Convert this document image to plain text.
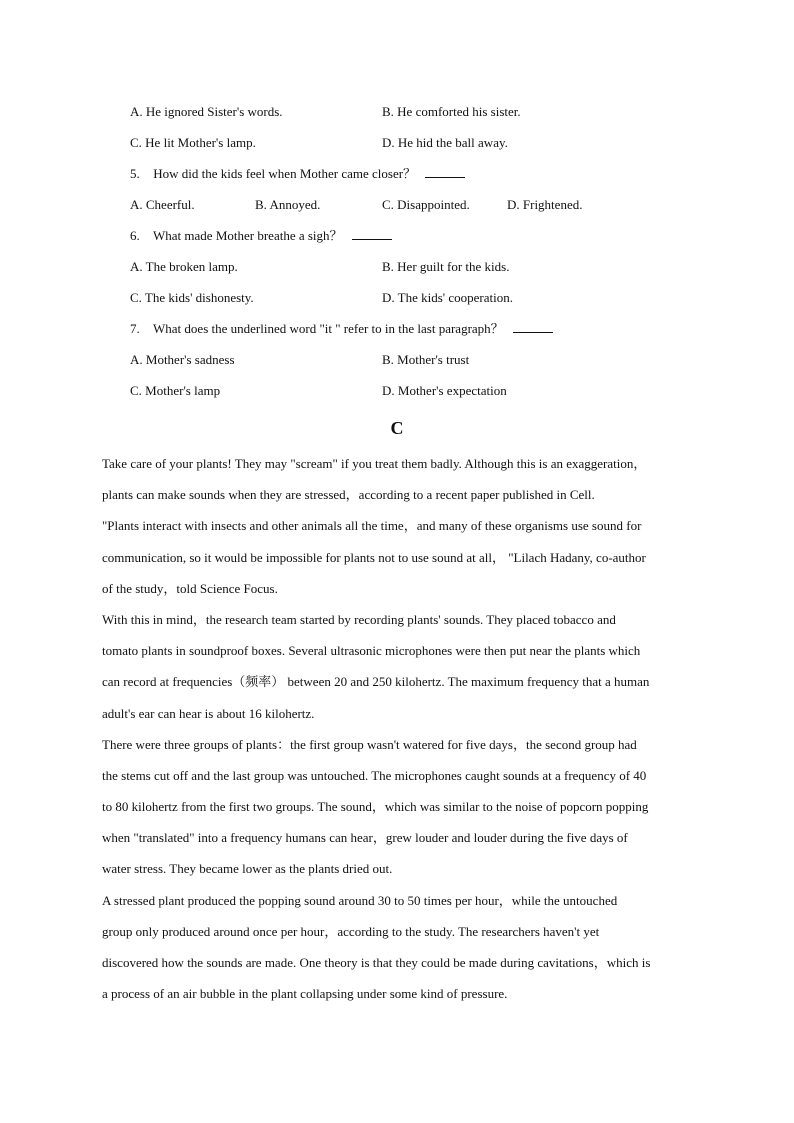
A. He ignored Sister's words.	B. He comforted his sister.
C. He lit Mother's lamp.	D. He hid the ball away.
5. How did the kids feel when Mother came closer？
A. Cheerful.	B. Annoyed.	C. Disappointed.	D. Frightened.
6. What made Mother breathe a sigh？
A. The broken lamp.	B. Her guilt for the kids.
C. The kids' dishonesty.	D. The kids' cooperation.
7. What does the underlined word "it " refer to in the last paragraph？
A. Mother's sadness	B. Mother's trust
C. Mother's lamp	D. Mother's expectation
C
Take care of your plants! They may "scream" if you treat them badly. Although this is an exaggeration，
plants can make sounds when they are stressed，according to a recent paper published in Cell.
"Plants interact with insects and other animals all the time，and many of these organisms use sound for
communication, so it would be impossible for plants not to use sound at all， "Lilach Hadany, co-author
of the study，told Science Focus.
With this in mind，the research team started by recording plants' sounds. They placed tobacco and
tomato plants in soundproof boxes. Several ultrasonic microphones were then put near the plants which
can record at frequencies（频率） between 20 and 250 kilohertz. The maximum frequency that a human
adult's ear can hear is about 16 kilohertz.
There were three groups of plants：the first group wasn't watered for five days，the second group had
the stems cut off and the last group was untouched. The microphones caught sounds at a frequency of 40
to 80 kilohertz from the first two groups. The sound，which was similar to the noise of popcorn popping
when "translated" into a frequency humans can hear，grew louder and louder during the five days of
water stress. They became lower as the plants dried out.
A stressed plant produced the popping sound around 30 to 50 times per hour，while the untouched
group only produced around once per hour，according to the study. The researchers haven't yet
discovered how the sounds are made. One theory is that they could be made during cavitations，which is
a process of an air bubble in the plant collapsing under some kind of pressure.
